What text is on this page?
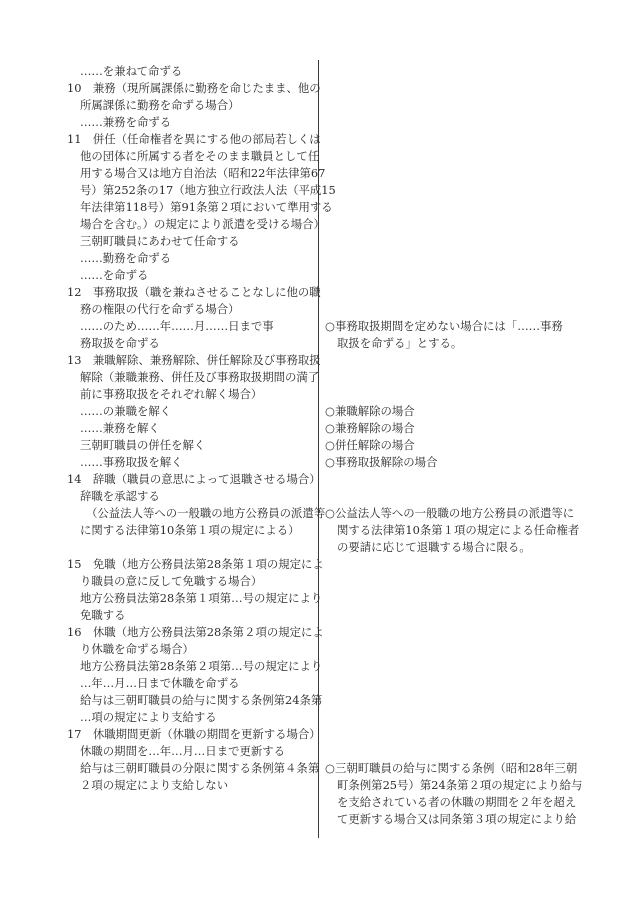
……を兼ねて命ずる
10　兼務（現所属課係に勤務を命じたまま、他の
所属課係に勤務を命ずる場合）
……兼務を命ずる
11　併任（任命権者を異にする他の部局若しくは
他の団体に所属する者をそのまま職員として任
用する場合又は地方自治法（昭和22年法律第67
号）第252条の17（地方独立行政法人法（平成15
年法律第118号）第91条第２項において準用する
場合を含む。）の規定により派遣を受ける場合）
三朝町職員にあわせて任命する
……勤務を命ずる
……を命ずる
12　事務取扱（職を兼ねさせることなしに他の職
務の権限の代行を命ずる場合）
……のため……年……月……日まで事	○事務取扱期間を定めない場合には「……事務
務取扱を命ずる	取扱を命ずる」とする。
13　兼職解除、兼務解除、併任解除及び事務取扱
解除（兼職兼務、併任及び事務取扱期間の満了
前に事務取扱をそれぞれ解く場合）
……の兼職を解く	○兼職解除の場合
……兼務を解く	○兼務解除の場合
三朝町職員の併任を解く	○併任解除の場合
……事務取扱を解く	○事務取扱解除の場合
14　辞職（職員の意思によって退職させる場合）
辞職を承認する
（公益法人等への一般職の地方公務員の派遣等 ○公益法人等への一般職の地方公務員の派遣等に
に関する法律第10条第１項の規定による）	関する法律第10条第１項の規定による任命権者
の要請に応じて退職する場合に限る。
15　免職（地方公務員法第28条第１項の規定によ
り職員の意に反して免職する場合）
地方公務員法第28条第１項第…号の規定により
免職する
16　休職（地方公務員法第28条第２項の規定によ
り休職を命ずる場合）
地方公務員法第28条第２項第…号の規定により
…年…月…日まで休職を命ずる
給与は三朝町職員の給与に関する条例第24条第
…項の規定により支給する
17　休職期間更新（休職の期間を更新する場合）
休職の期間を…年…月…日まで更新する
給与は三朝町職員の分限に関する条例第４条第 ○三朝町職員の給与に関する条例（昭和28年三朝
２項の規定により支給しない	町条例第25号）第24条第２項の規定により給与
を支給されている者の休職の期間を２年を超え
て更新する場合又は同条第３項の規定により給
